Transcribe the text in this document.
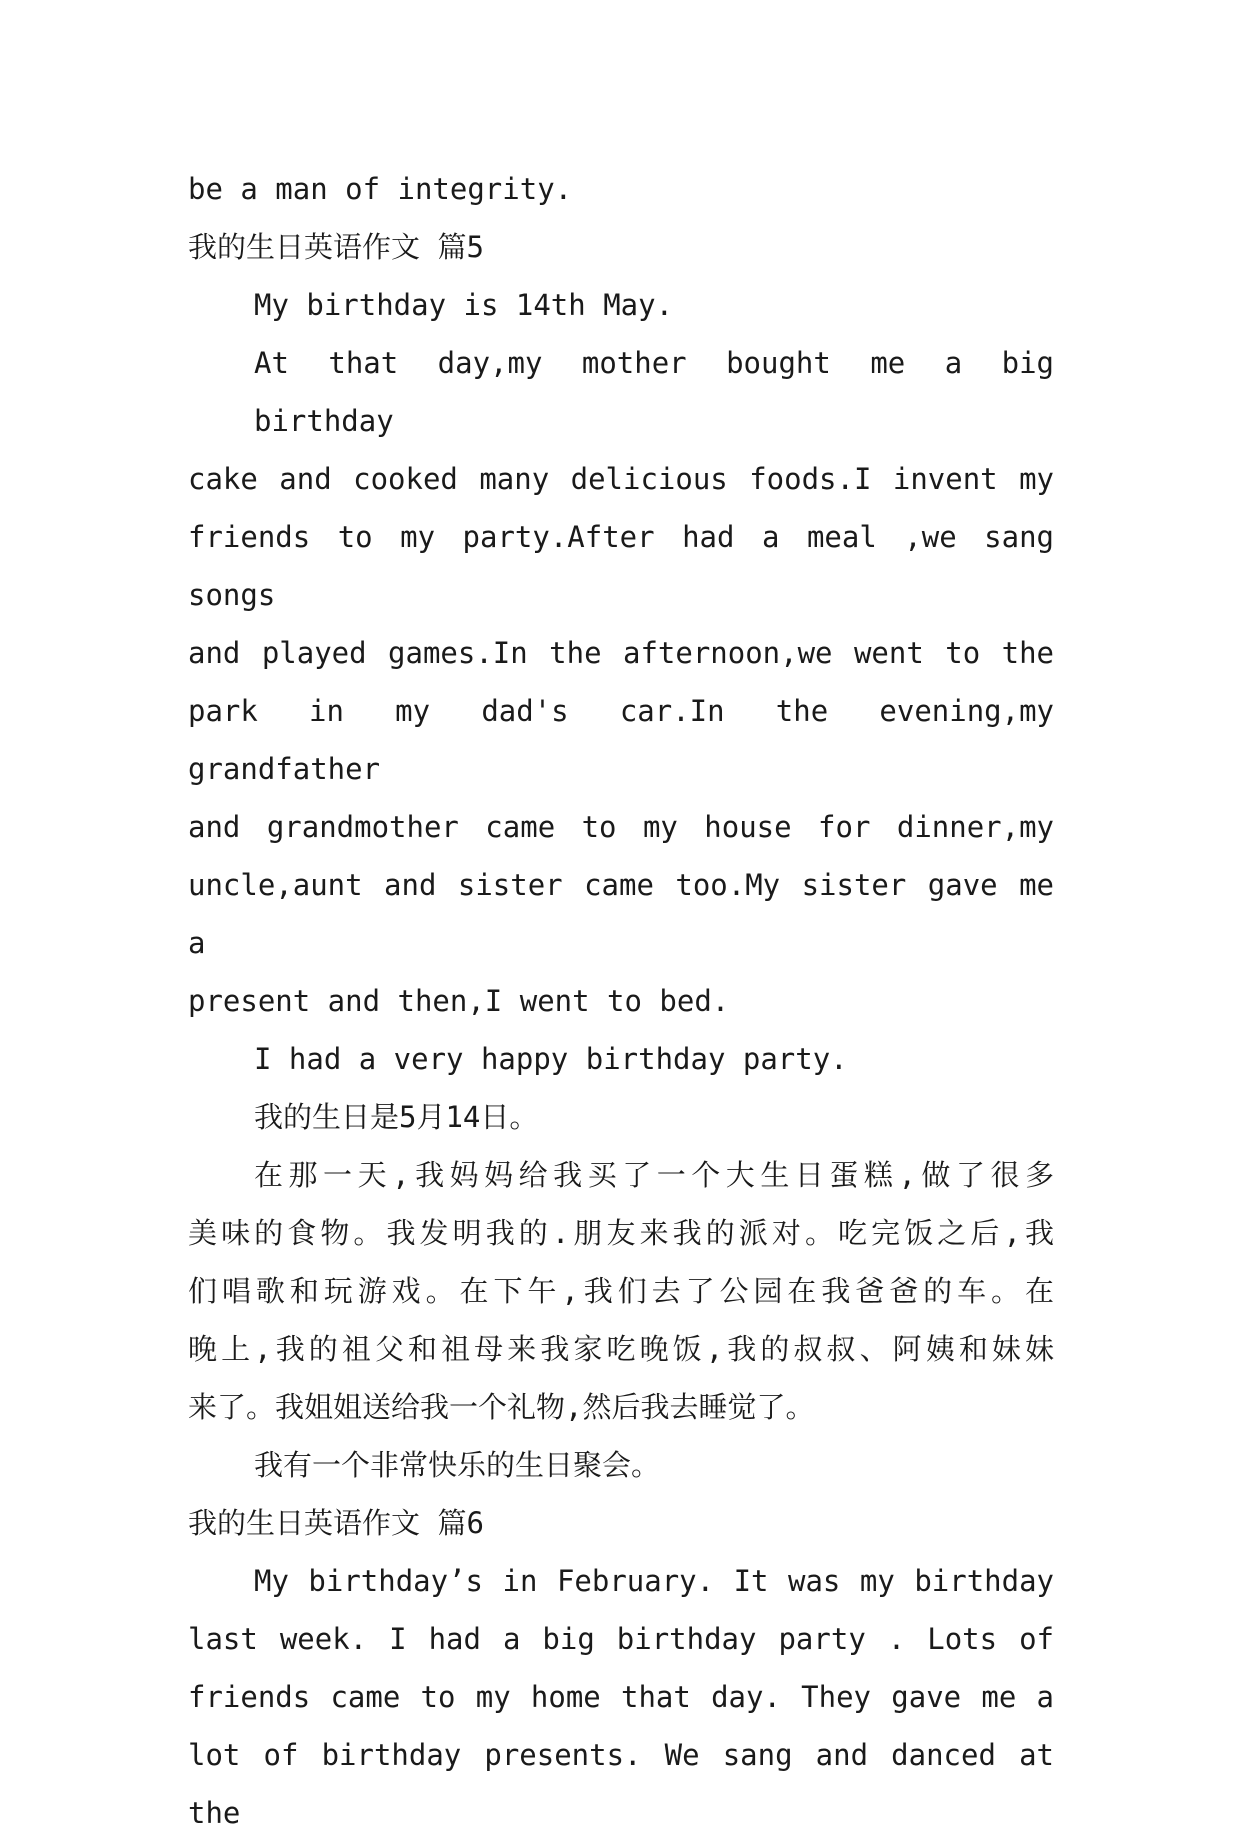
be a man of integrity.
我的生日英语作文 篇5
My birthday is 14th May.
At that day,my mother bought me a big birthday
cake and cooked many delicious foods.I invent my
friends to my party.After had a meal ,we sang songs
and played games.In the afternoon,we went to the
park in my dad's car.In the evening,my grandfather
and grandmother came to my house for dinner,my
uncle,aunt and sister came too.My sister gave me a
present and then,I went to bed.
I had a very happy birthday party.
我的生日是5月14日。
在那一天,我妈妈给我买了一个大生日蛋糕,做了很多
美味的食物。我发明我的.朋友来我的派对。吃完饭之后,我
们唱歌和玩游戏。在下午,我们去了公园在我爸爸的车。在
晚上,我的祖父和祖母来我家吃晚饭,我的叔叔、阿姨和妹妹
来了。我姐姐送给我一个礼物,然后我去睡觉了。
我有一个非常快乐的生日聚会。
我的生日英语作文 篇6
My birthday’s in February. It was my birthday
last week. I had a big birthday party . Lots of
friends came to my home that day. They gave me a
lot of birthday presents. We sang and danced at the
